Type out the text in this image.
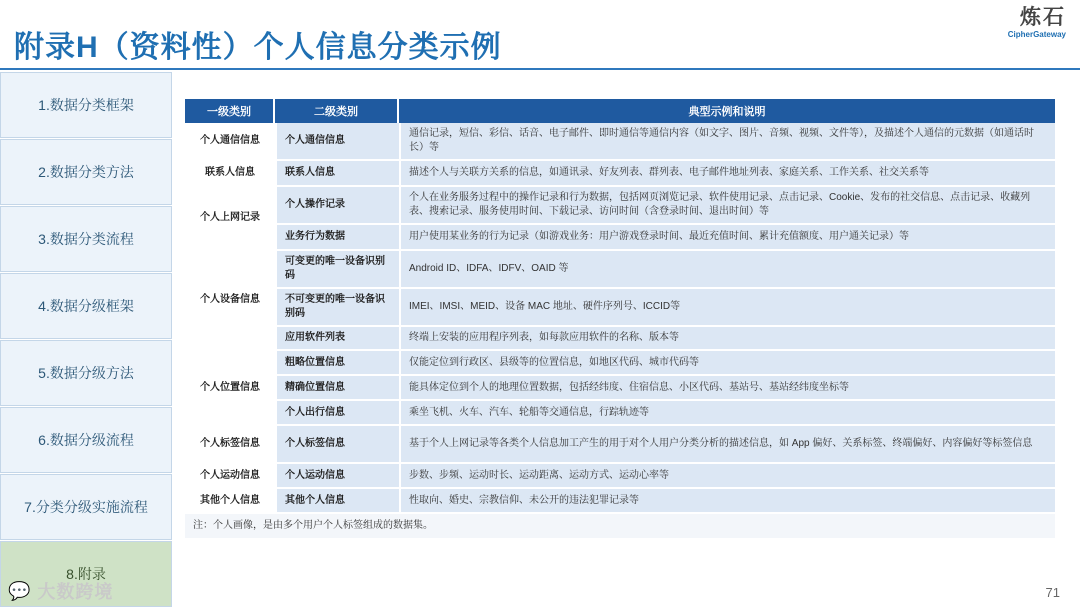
附录H（资料性）个人信息分类示例
炼石
CipherGateway
1.数据分类框架
2.数据分类方法
3.数据分类流程
4.数据分级框架
5.数据分级方法
6.数据分级流程
7.分类分级实施流程
8.附录
一级类别	二级类别	典型示例和说明
个人通信信息	个人通信信息	通信记录，短信、彩信、话音、电子邮件、即时通信等通信内容（如文字、图片、音频、视频、文件等），及描述个人通信的元数据（如通话时长）等
联系人信息	联系人信息	描述个人与关联方关系的信息，如通讯录、好友列表、群列表、电子邮件地址列表、家庭关系、工作关系、社交关系等
个人上网记录	个人操作记录	个人在业务服务过程中的操作记录和行为数据，包括网页浏览记录、软件使用记录、点击记录、Cookie、发布的社交信息、点击记录、收藏列表、搜索记录、服务使用时间、下载记录、访问时间（含登录时间、退出时间）等
	业务行为数据	用户使用某业务的行为记录（如游戏业务：用户游戏登录时间、最近充值时间、累计充值额度、用户通关记录）等
个人设备信息	可变更的唯一设备识别码	Android ID、IDFA、IDFV、OAID 等
	不可变更的唯一设备识别码	IMEI、IMSI、MEID、设备 MAC 地址、硬件序列号、ICCID等
	应用软件列表	终端上安装的应用程序列表，如每款应用软件的名称、版本等
个人位置信息	粗略位置信息	仅能定位到行政区、县级等的位置信息，如地区代码、城市代码等
	精确位置信息	能具体定位到个人的地理位置数据，包括经纬度、住宿信息、小区代码、基站号、基站经纬度坐标等
	个人出行信息	乘坐飞机、火车、汽车、轮船等交通信息，行踪轨迹等
个人标签信息	个人标签信息	基于个人上网记录等各类个人信息加工产生的用于对个人用户分类分析的描述信息，如 App 偏好、关系标签、终端偏好、内容偏好等标签信息
个人运动信息	个人运动信息	步数、步频、运动时长、运动距离、运动方式、运动心率等
其他个人信息	其他个人信息	性取向、婚史、宗教信仰、未公开的违法犯罪记录等
注：个人画像，是由多个用户个人标签组成的数据集。		
71
💬 大数跨境
